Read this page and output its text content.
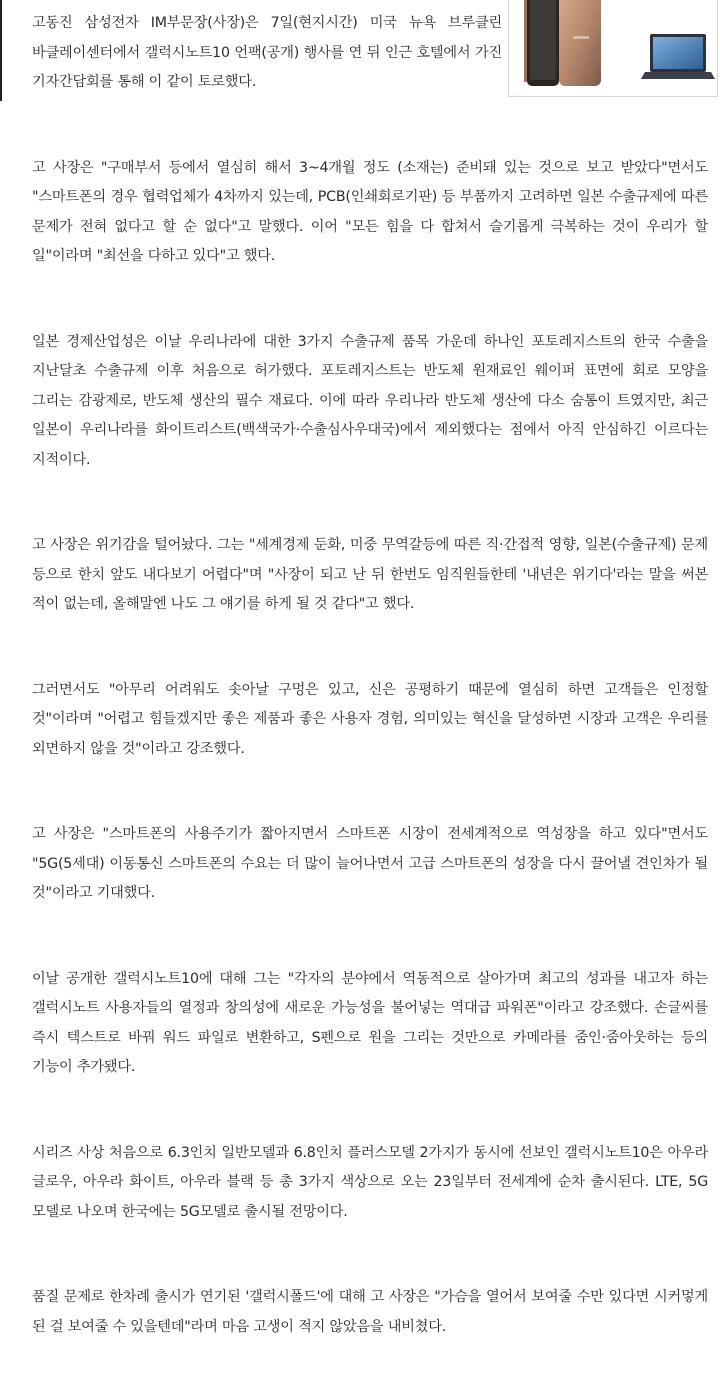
고동진 삼성전자 IM부문장(사장)은 7일(현지시간) 미국 뉴욕 브루클린 바클레이센터에서 갤럭시노트10 언팩(공개) 행사를 연 뒤 인근 호텔에서 가진 기자간담회를 통해 이 같이 토로했다.

고 사장은 "구매부서 등에서 열심히 해서 3~4개월 정도 (소재는) 준비돼 있는 것으로 보고 받았다"면서도 "스마트폰의 경우 협력업체가 4차까지 있는데, PCB(인쇄회로기판) 등 부품까지 고려하면 일본 수출규제에 따른 문제가 전혀 없다고 할 순 없다"고 말했다. 이어 "모든 힘을 다 합쳐서 슬기롭게 극복하는 것이 우리가 할 일"이라며 "최선을 다하고 있다"고 했다.

일본 경제산업성은 이날 우리나라에 대한 3가지 수출규제 품목 가운데 하나인 포토레지스트의 한국 수출을 지난달초 수출규제 이후 처음으로 허가했다. 포토레지스트는 반도체 원재료인 웨이퍼 표면에 회로 모양을 그리는 감광제로, 반도체 생산의 필수 재료다. 이에 따라 우리나라 반도체 생산에 다소 숨통이 트였지만, 최근 일본이 우리나라를 화이트리스트(백색국가·수출심사우대국)에서 제외했다는 점에서 아직 안심하긴 이르다는 지적이다.

고 사장은 위기감을 털어놨다. 그는 "세계경제 둔화, 미중 무역갈등에 따른 직·간접적 영향, 일본(수출규제) 문제 등으로 한치 앞도 내다보기 어렵다"며 "사장이 되고 난 뒤 한번도 임직원들한테 '내년은 위기다'라는 말을 써본 적이 없는데, 올해말엔 나도 그 얘기를 하게 될 것 같다"고 했다.

그러면서도 "아무리 어려워도 솟아날 구멍은 있고, 신은 공평하기 때문에 열심히 하면 고객들은 인정할 것"이라며 "어렵고 힘들겠지만 좋은 제품과 좋은 사용자 경험, 의미있는 혁신을 달성하면 시장과 고객은 우리를 외면하지 않을 것"이라고 강조했다.

고 사장은 "스마트폰의 사용주기가 짧아지면서 스마트폰 시장이 전세계적으로 역성장을 하고 있다"면서도 "5G(5세대) 이동통신 스마트폰의 수요는 더 많이 늘어나면서 고급 스마트폰의 성장을 다시 끌어낼 견인차가 될 것"이라고 기대했다.

이날 공개한 갤럭시노트10에 대해 그는 "각자의 분야에서 역동적으로 살아가며 최고의 성과를 내고자 하는 갤럭시노트 사용자들의 열정과 창의성에 새로운 가능성을 불어넣는 역대급 파워폰"이라고 강조했다. 손글씨를 즉시 텍스트로 바꿔 워드 파일로 변환하고, S펜으로 원을 그리는 것만으로 카메라를 줌인·줌아웃하는 등의 기능이 추가됐다.

시리즈 사상 처음으로 6.3인치 일반모델과 6.8인치 플러스모델 2가지가 동시에 선보인 갤럭시노트10은 아우라 글로우, 아우라 화이트, 아우라 블랙 등 총 3가지 색상으로 오는 23일부터 전세계에 순차 출시된다. LTE, 5G 모델로 나오며 한국에는 5G모델로 출시될 전망이다.

품질 문제로 한차례 출시가 연기된 '갤럭시폴드'에 대해 고 사장은 "가슴을 열어서 보여줄 수만 있다면 시커멓게 된 걸 보여줄 수 있을텐데"라며 마음 고생이 적지 않았음을 내비쳤다.
